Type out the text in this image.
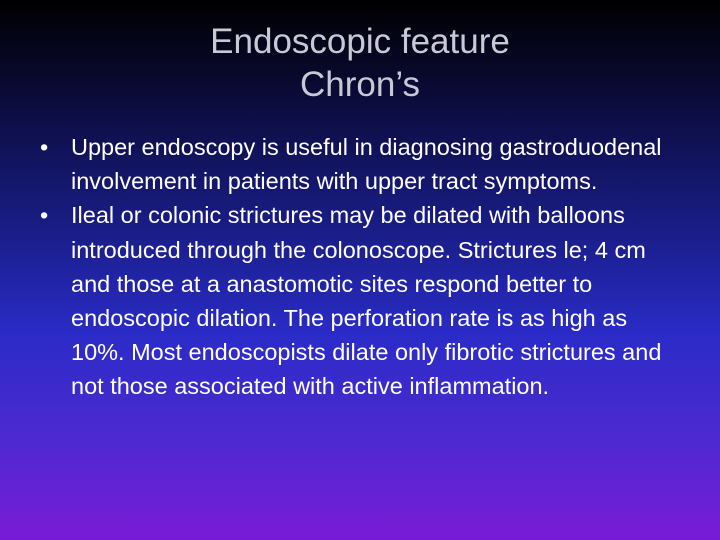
Endoscopic feature
Chron’s
• Upper endoscopy is useful in diagnosing gastroduodenal involvement in patients with upper tract symptoms.
• Ileal or colonic strictures may be dilated with balloons introduced through the colonoscope. Strictures le; 4 cm and those at a anastomotic sites respond better to endoscopic dilation. The perforation rate is as high as 10%. Most endoscopists dilate only fibrotic strictures and not those associated with active inflammation.
